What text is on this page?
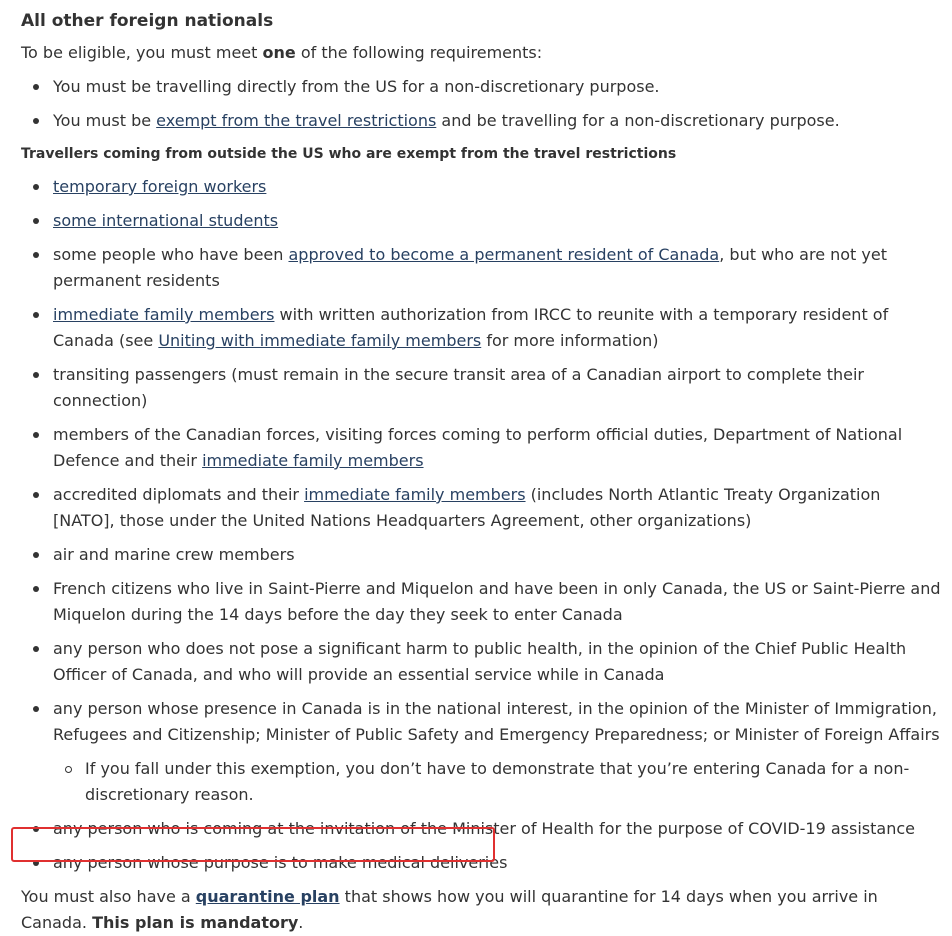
All other foreign nationals

To be eligible, you must meet one of the following requirements:

You must be travelling directly from the US for a non-discretionary purpose.
You must be exempt from the travel restrictions and be travelling for a non-discretionary purpose.
Travellers coming from outside the US who are exempt from the travel restrictions
temporary foreign workers
some international students
some people who have been approved to become a permanent resident of Canada, but who are not yet permanent residents
immediate family members with written authorization from IRCC to reunite with a temporary resident of Canada (see Uniting with immediate family members for more information)
transiting passengers (must remain in the secure transit area of a Canadian airport to complete their connection)
members of the Canadian forces, visiting forces coming to perform official duties, Department of National Defence and their immediate family members
accredited diplomats and their immediate family members (includes North Atlantic Treaty Organization [NATO], those under the United Nations Headquarters Agreement, other organizations)
air and marine crew members
French citizens who live in Saint-Pierre and Miquelon and have been in only Canada, the US or Saint-Pierre and Miquelon during the 14 days before the day they seek to enter Canada
any person who does not pose a significant harm to public health, in the opinion of the Chief Public Health Officer of Canada, and who will provide an essential service while in Canada
any person whose presence in Canada is in the national interest, in the opinion of the Minister of Immigration, Refugees and Citizenship; Minister of Public Safety and Emergency Preparedness; or Minister of Foreign Affairs
If you fall under this exemption, you don’t have to demonstrate that you’re entering Canada for a non-discretionary reason.
any person who is coming at the invitation of the Minister of Health for the purpose of COVID-19 assistance
any person whose purpose is to make medical deliveries

You must also have a quarantine plan that shows how you will quarantine for 14 days when you arrive in Canada. This plan is mandatory.
